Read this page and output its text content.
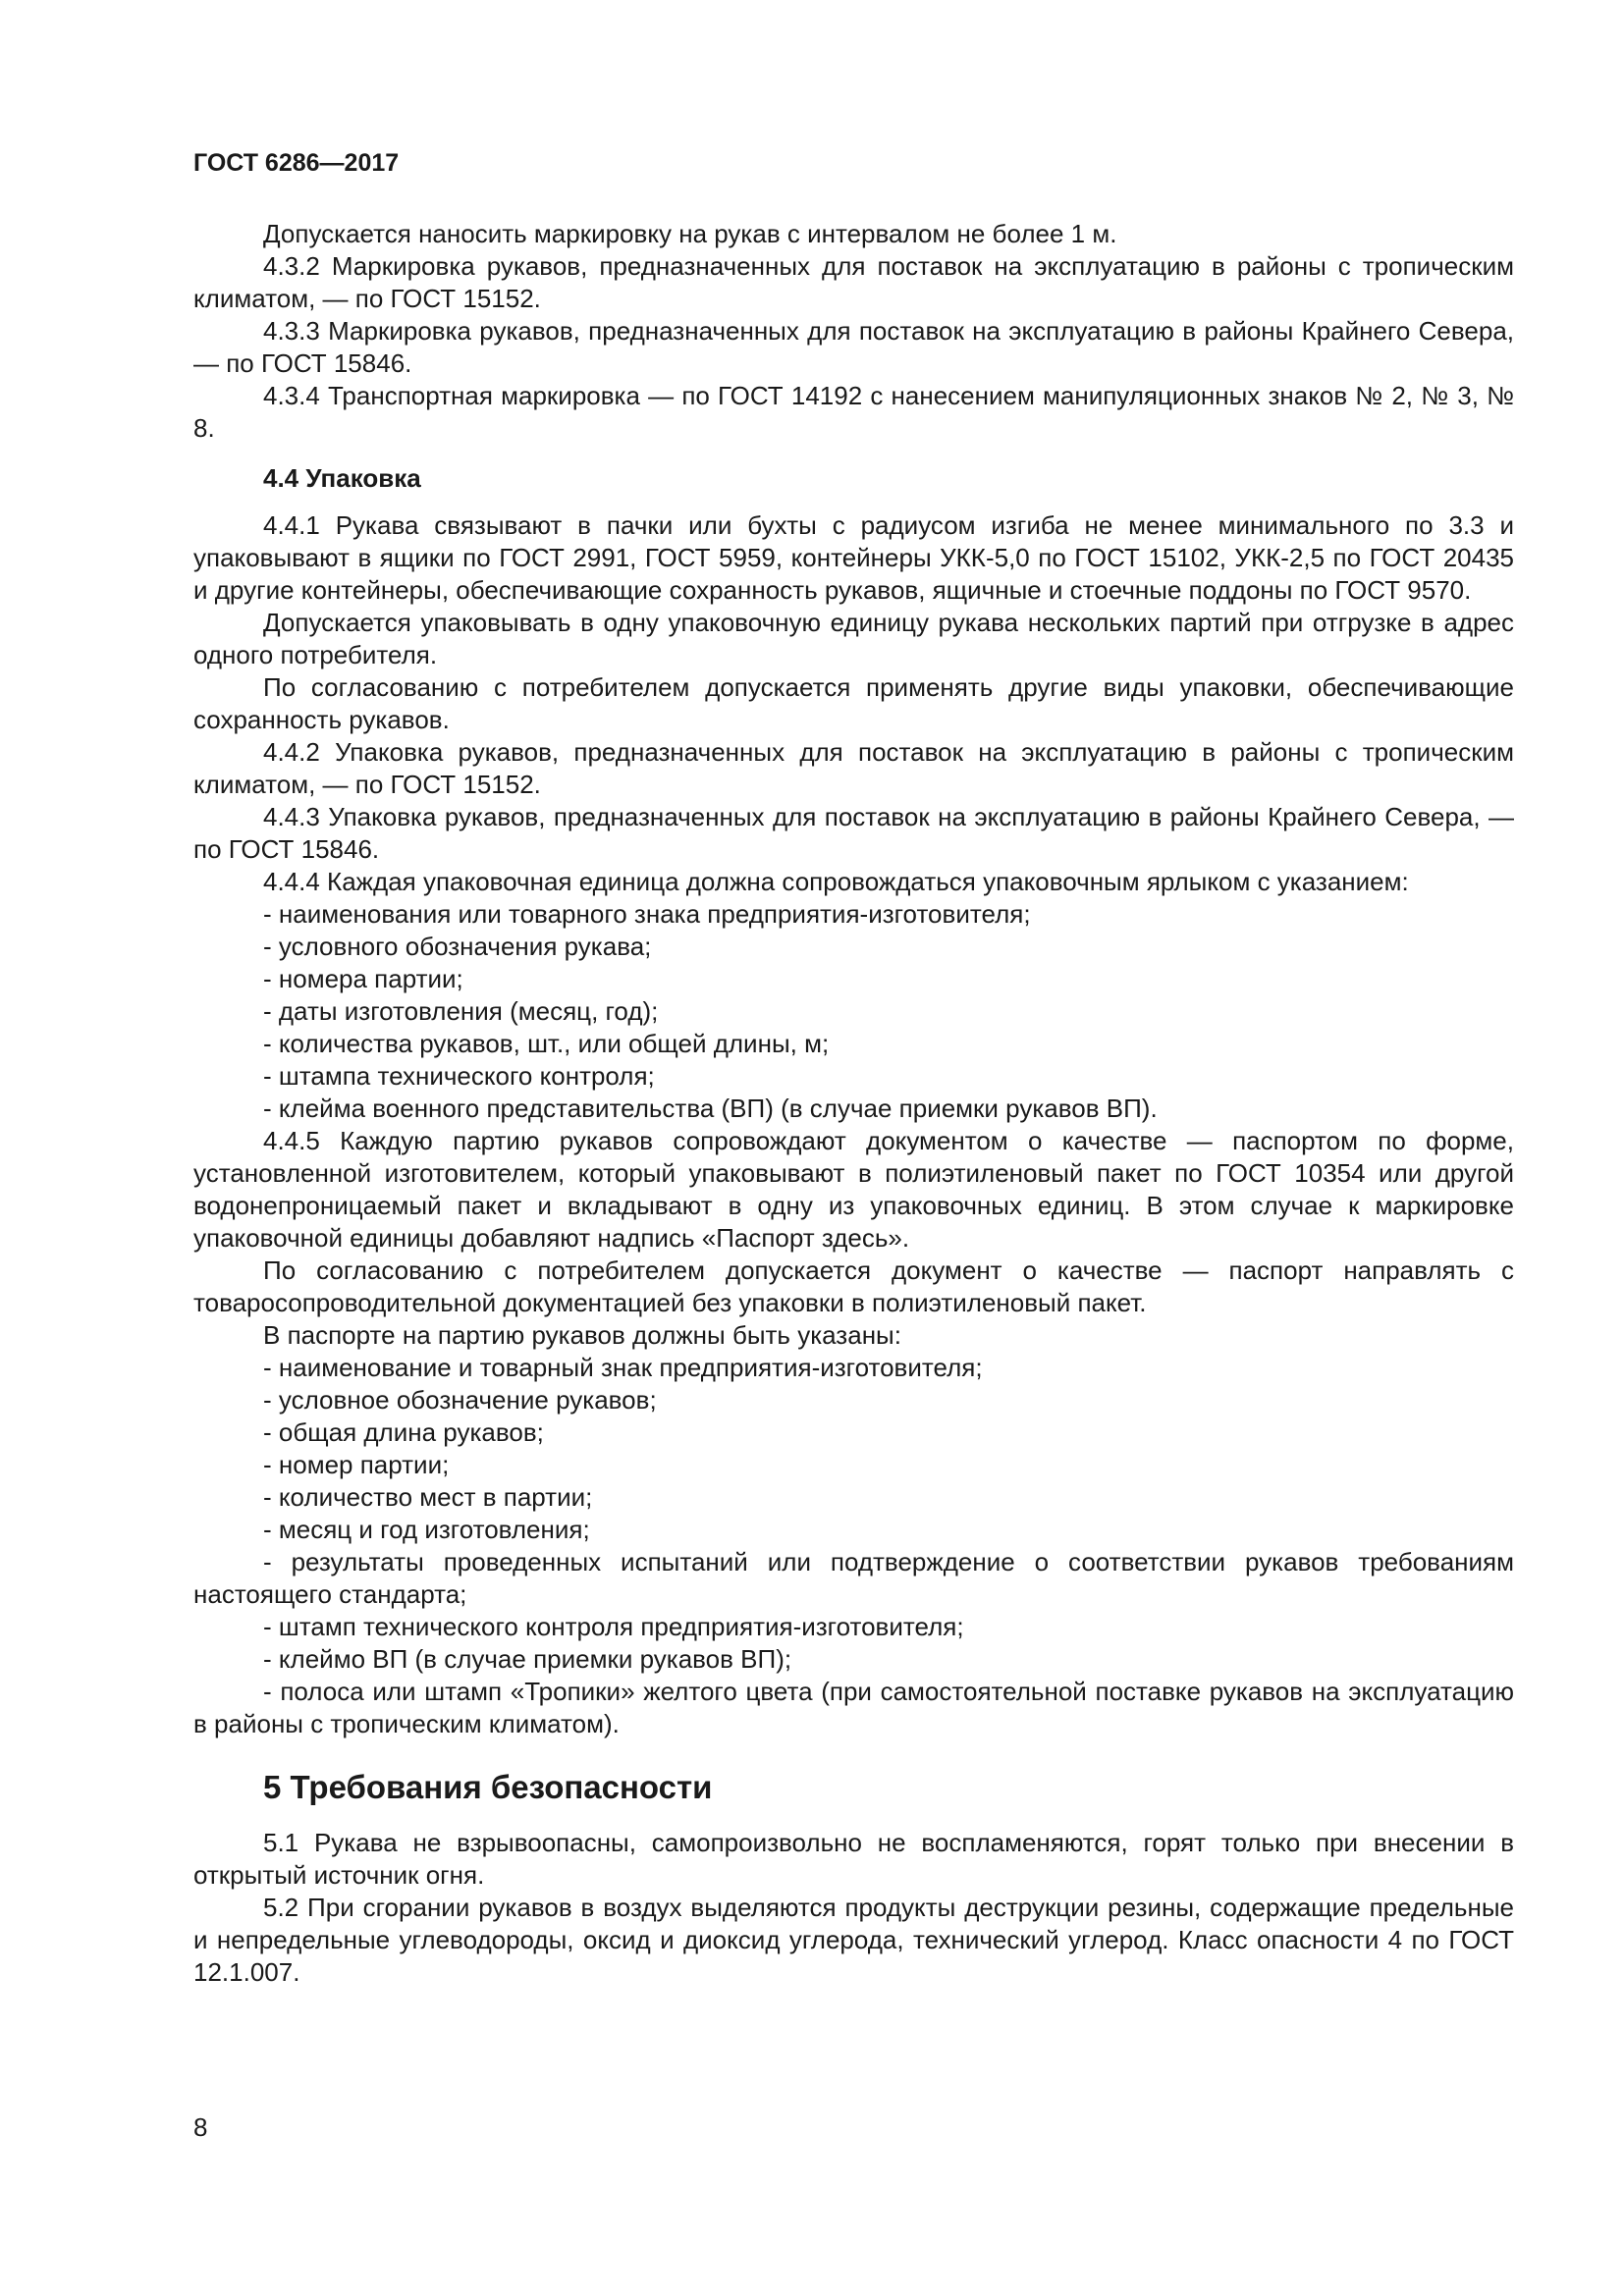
ГОСТ 6286—2017

Допускается наносить маркировку на рукав с интервалом не более 1 м.

4.3.2 Маркировка рукавов, предназначенных для поставок на эксплуатацию в районы с тропическим климатом, — по ГОСТ 15152.

4.3.3 Маркировка рукавов, предназначенных для поставок на эксплуатацию в районы Крайнего Севера, — по ГОСТ 15846.

4.3.4 Транспортная маркировка — по ГОСТ 14192 с нанесением манипуляционных знаков № 2, № 3, № 8.

4.4 Упаковка

4.4.1 Рукава связывают в пачки или бухты с радиусом изгиба не менее минимального по 3.3 и упаковывают в ящики по ГОСТ 2991, ГОСТ 5959, контейнеры УКК-5,0 по ГОСТ 15102, УКК-2,5 по ГОСТ 20435 и другие контейнеры, обеспечивающие сохранность рукавов, ящичные и стоечные поддоны по ГОСТ 9570.

Допускается упаковывать в одну упаковочную единицу рукава нескольких партий при отгрузке в адрес одного потребителя.

По согласованию с потребителем допускается применять другие виды упаковки, обеспечивающие сохранность рукавов.

4.4.2 Упаковка рукавов, предназначенных для поставок на эксплуатацию в районы с тропическим климатом, — по ГОСТ 15152.

4.4.3 Упаковка рукавов, предназначенных для поставок на эксплуатацию в районы Крайнего Севера, — по ГОСТ 15846.

4.4.4 Каждая упаковочная единица должна сопровождаться упаковочным ярлыком с указанием:

- наименования или товарного знака предприятия-изготовителя;

- условного обозначения рукава;

- номера партии;

- даты изготовления (месяц, год);

- количества рукавов, шт., или общей длины, м;

- штампа технического контроля;

- клейма военного представительства (ВП) (в случае приемки рукавов ВП).

4.4.5 Каждую партию рукавов сопровождают документом о качестве — паспортом по форме, установленной изготовителем, который упаковывают в полиэтиленовый пакет по ГОСТ 10354 или другой водонепроницаемый пакет и вкладывают в одну из упаковочных единиц. В этом случае к маркировке упаковочной единицы добавляют надпись «Паспорт здесь».

По согласованию с потребителем допускается документ о качестве — паспорт направлять с товаросопроводительной документацией без упаковки в полиэтиленовый пакет.

В паспорте на партию рукавов должны быть указаны:

- наименование и товарный знак предприятия-изготовителя;

- условное обозначение рукавов;

- общая длина рукавов;

- номер партии;

- количество мест в партии;

- месяц и год изготовления;

- результаты проведенных испытаний или подтверждение о соответствии рукавов требованиям настоящего стандарта;

- штамп технического контроля предприятия-изготовителя;

- клеймо ВП (в случае приемки рукавов ВП);

- полоса или штамп «Тропики» желтого цвета (при самостоятельной поставке рукавов на эксплуатацию в районы с тропическим климатом).

5 Требования безопасности

5.1 Рукава не взрывоопасны, самопроизвольно не воспламеняются, горят только при внесении в открытый источник огня.

5.2 При сгорании рукавов в воздух выделяются продукты деструкции резины, содержащие предельные и непредельные углеводороды, оксид и диоксид углерода, технический углерод. Класс опасности 4 по ГОСТ 12.1.007.

8
